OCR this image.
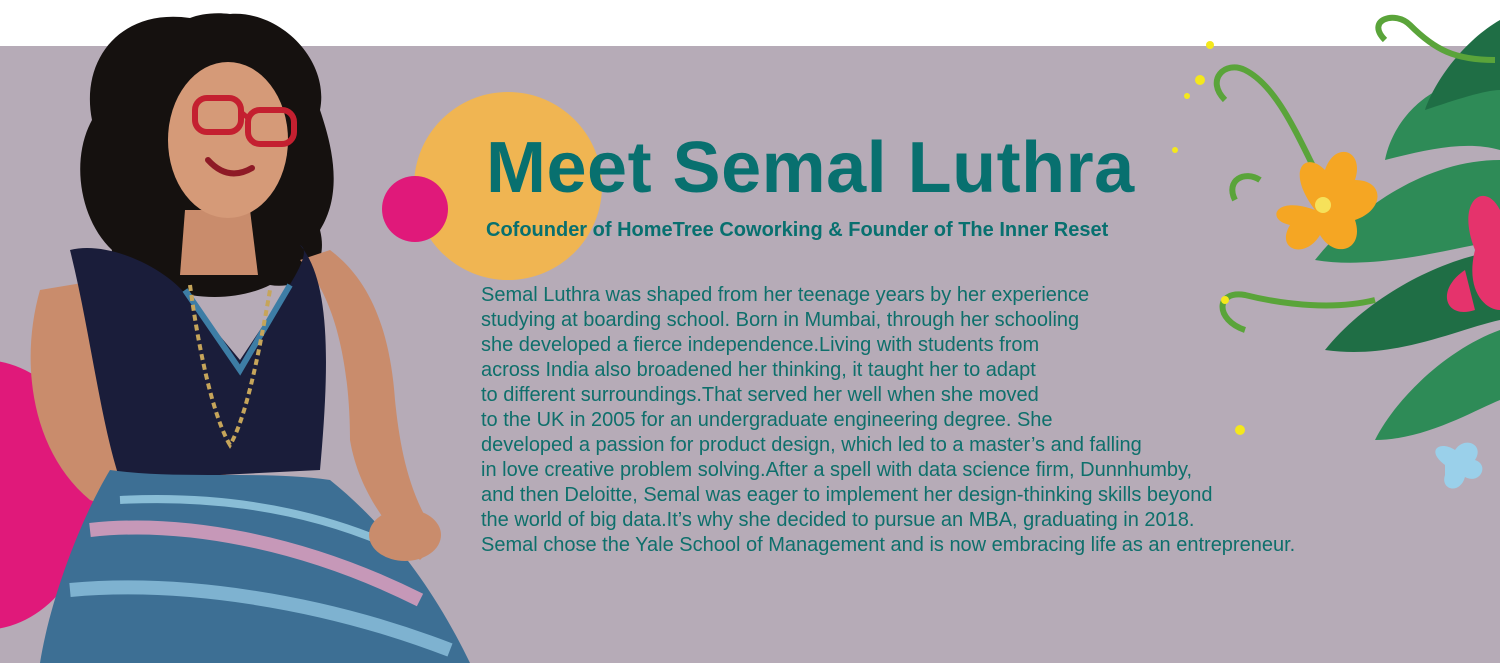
Meet Semal Luthra

Cofounder of HomeTree Coworking & Founder of The Inner Reset

Semal Luthra was shaped from her teenage years by her experience
studying at boarding school. Born in Mumbai, through her schooling
she developed a fierce independence.Living with students from
across India also broadened her thinking, it taught her to adapt
to different surroundings.That served her well when she moved
to the UK in 2005 for an undergraduate engineering degree. She
developed a passion for product design, which led to a master’s and falling
in love creative problem solving.After a spell with data science firm, Dunnhumby,
and then Deloitte, Semal was eager to implement her design-thinking skills beyond
the world of big data.It’s why she decided to pursue an MBA, graduating in 2018.
Semal chose the Yale School of Management and is now embracing life as an entrepreneur.
